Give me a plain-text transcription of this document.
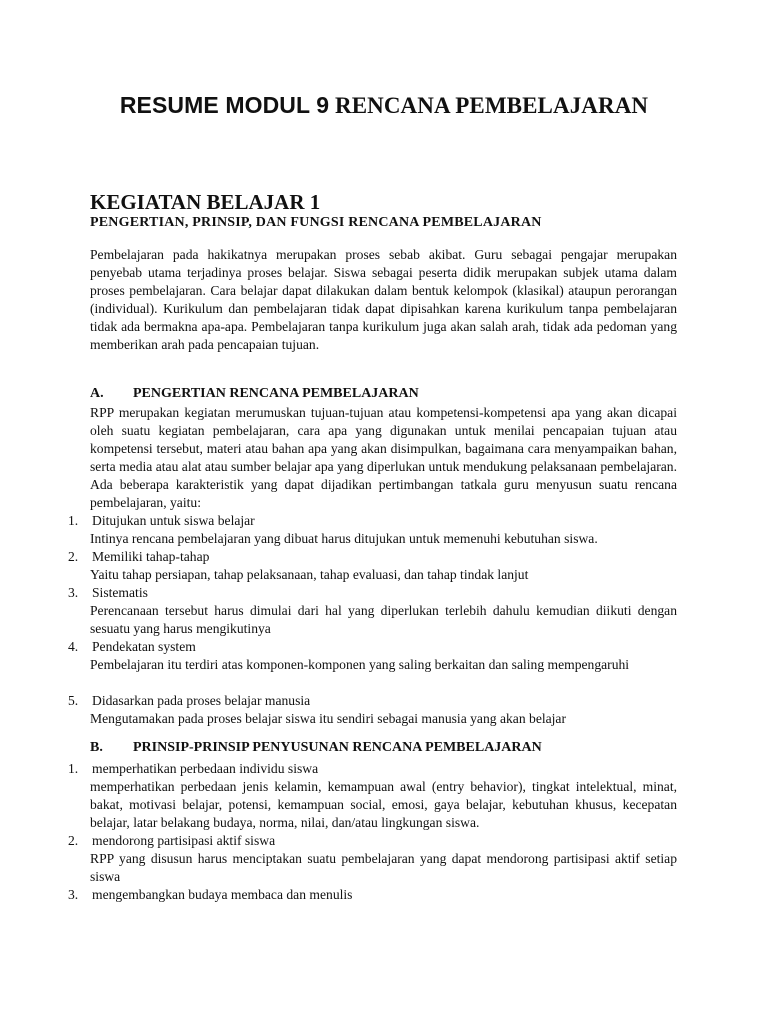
RESUME MODUL 9 RENCANA PEMBELAJARAN
KEGIATAN BELAJAR 1
PENGERTIAN, PRINSIP, DAN FUNGSI RENCANA PEMBELAJARAN
Pembelajaran pada hakikatnya merupakan proses sebab akibat. Guru sebagai pengajar merupakan penyebab utama terjadinya proses belajar. Siswa sebagai peserta didik merupakan subjek utama dalam proses pembelajaran. Cara belajar dapat dilakukan dalam bentuk kelompok (klasikal) ataupun perorangan (individual). Kurikulum dan pembelajaran tidak dapat dipisahkan karena kurikulum tanpa pembelajaran tidak ada bermakna apa-apa. Pembelajaran tanpa kurikulum juga akan salah arah, tidak ada pedoman yang memberikan arah pada pencapaian tujuan.
A. PENGERTIAN RENCANA PEMBELAJARAN
RPP merupakan kegiatan merumuskan tujuan-tujuan atau kompetensi-kompetensi apa yang akan dicapai oleh suatu kegiatan pembelajaran, cara apa yang digunakan untuk menilai pencapaian tujuan atau kompetensi tersebut, materi atau bahan apa yang akan disimpulkan, bagaimana cara menyampaikan bahan, serta media atau alat atau sumber belajar apa yang diperlukan untuk mendukung pelaksanaan pembelajaran. Ada beberapa karakteristik yang dapat dijadikan pertimbangan tatkala guru menyusun suatu rencana pembelajaran, yaitu:
1. Ditujukan untuk siswa belajar
Intinya rencana pembelajaran yang dibuat harus ditujukan untuk memenuhi kebutuhan siswa.
2. Memiliki tahap-tahap
Yaitu tahap persiapan, tahap pelaksanaan, tahap evaluasi, dan tahap tindak lanjut
3. Sistematis
Perencanaan tersebut harus dimulai dari hal yang diperlukan terlebih dahulu kemudian diikuti dengan sesuatu yang harus mengikutinya
4. Pendekatan system
Pembelajaran itu terdiri atas komponen-komponen yang saling berkaitan dan saling mempengaruhi
5. Didasarkan pada proses belajar manusia
Mengutamakan pada proses belajar siswa itu sendiri sebagai manusia yang akan belajar
B. PRINSIP-PRINSIP PENYUSUNAN RENCANA PEMBELAJARAN
1. memperhatikan perbedaan individu siswa
memperhatikan perbedaan jenis kelamin, kemampuan awal (entry behavior), tingkat intelektual, minat, bakat, motivasi belajar, potensi, kemampuan social, emosi, gaya belajar, kebutuhan khusus, kecepatan belajar, latar belakang budaya, norma, nilai, dan/atau lingkungan siswa.
2. mendorong partisipasi aktif siswa
RPP yang disusun harus menciptakan suatu pembelajaran yang dapat mendorong partisipasi aktif setiap siswa
3. mengembangkan budaya membaca dan menulis
